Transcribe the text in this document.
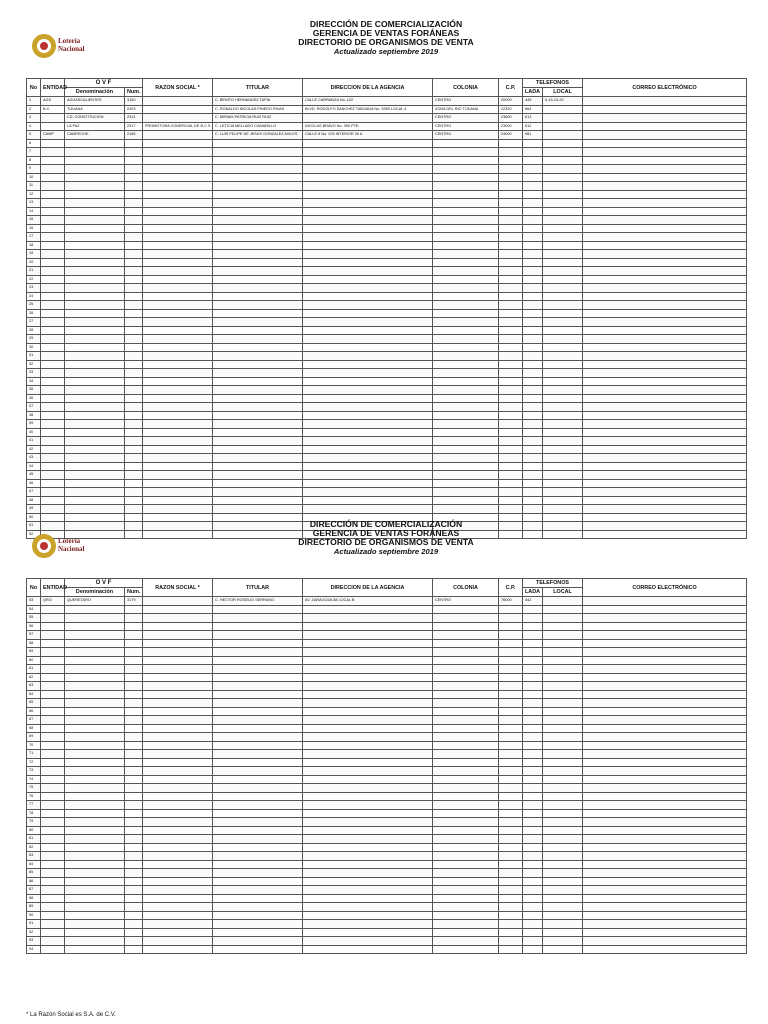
Lotería
Nacional
DIRECCIÓN DE COMERCIALIZACIÓN
GERENCIA DE VENTAS FORÁNEAS
DIRECTORIO DE ORGANISMOS DE VENTA
Actualizado septiembre 2019
No	ENTIDAD	O V F		RAZON SOCIAL *	TITULAR	DIRECCION DE LA AGENCIA	COLONIA	C.P.	TELEFONOS		CORREO ELECTRÓNICO
		Denominación	Num.						LADA	LOCAL	
1	AGS	AGUASCALIENTES	3150		C. BENITO HERNANDEZ TAPIA	CALLE CARRANZA No. 102	CENTRO	20000	449	9-15-13-20	
2	B.C.	TIJUANA	2403		C. RONALDO NICOLAS PINEDO RIVAS	BLVD. RODOLFO SANCHEZ TABOADA No. 9350 LOCAL 4	ZONA DEL RIO TIJUANA	22320	664		
3		CD. CONSTITUCION	2314		C. MIRIAM PATRICIA RUIZ RUIZ		CENTRO	23600	613		
4		LA PAZ	2317	PROMOTORA COMERCIAL DE B.C.S.	C. LETICIA MELLADO CAMARILLO	NICOLAS BRAVO No. 350 PTE.	CENTRO	23000	612		
5	CAMP	CAMPECHE	2165		C. LUIS FELIPE DE JESUS GONZALEZ AVILES	CALLE 8 No. 225 INTERIOR 26 A	CENTRO	24000	981		
6											
7											
8											
9											
10											
11											
12											
13											
14											
15											
16											
17											
18											
19											
20											
21											
22											
23											
24											
25											
26											
27											
28											
29											
30											
31											
32											
33											
34											
35											
36											
37											
38											
39											
40											
41											
42											
43											
44											
45											
46											
47											
48											
49											
50											
51											
52											
Lotería
Nacional
DIRECCIÓN DE COMERCIALIZACIÓN
GERENCIA DE VENTAS FORÁNEAS
DIRECTORIO DE ORGANISMOS DE VENTA
Actualizado septiembre 2019
No	ENTIDAD	O V F		RAZON SOCIAL *	TITULAR	DIRECCION DE LA AGENCIA	COLONIA	C.P.	TELEFONOS		CORREO ELECTRÓNICO
		Denominación	Num.						LADA	LOCAL	
53	QRO	QUERETARO	3179		C. HECTOR ROGELIO SERRANO	AV. ZARAGOZA 58 LOCAL B	CENTRO	76000	442		
54											
55											
56											
57											
58											
59											
60											
61											
62											
63											
64											
65											
66											
67											
68											
69											
70											
71											
72											
73											
74											
75											
76											
77											
78											
79											
80											
81											
82											
83											
84											
85											
86											
87											
88											
89											
90											
91											
92											
93											
94											
* La Razón Social es S.A. de C.V.
